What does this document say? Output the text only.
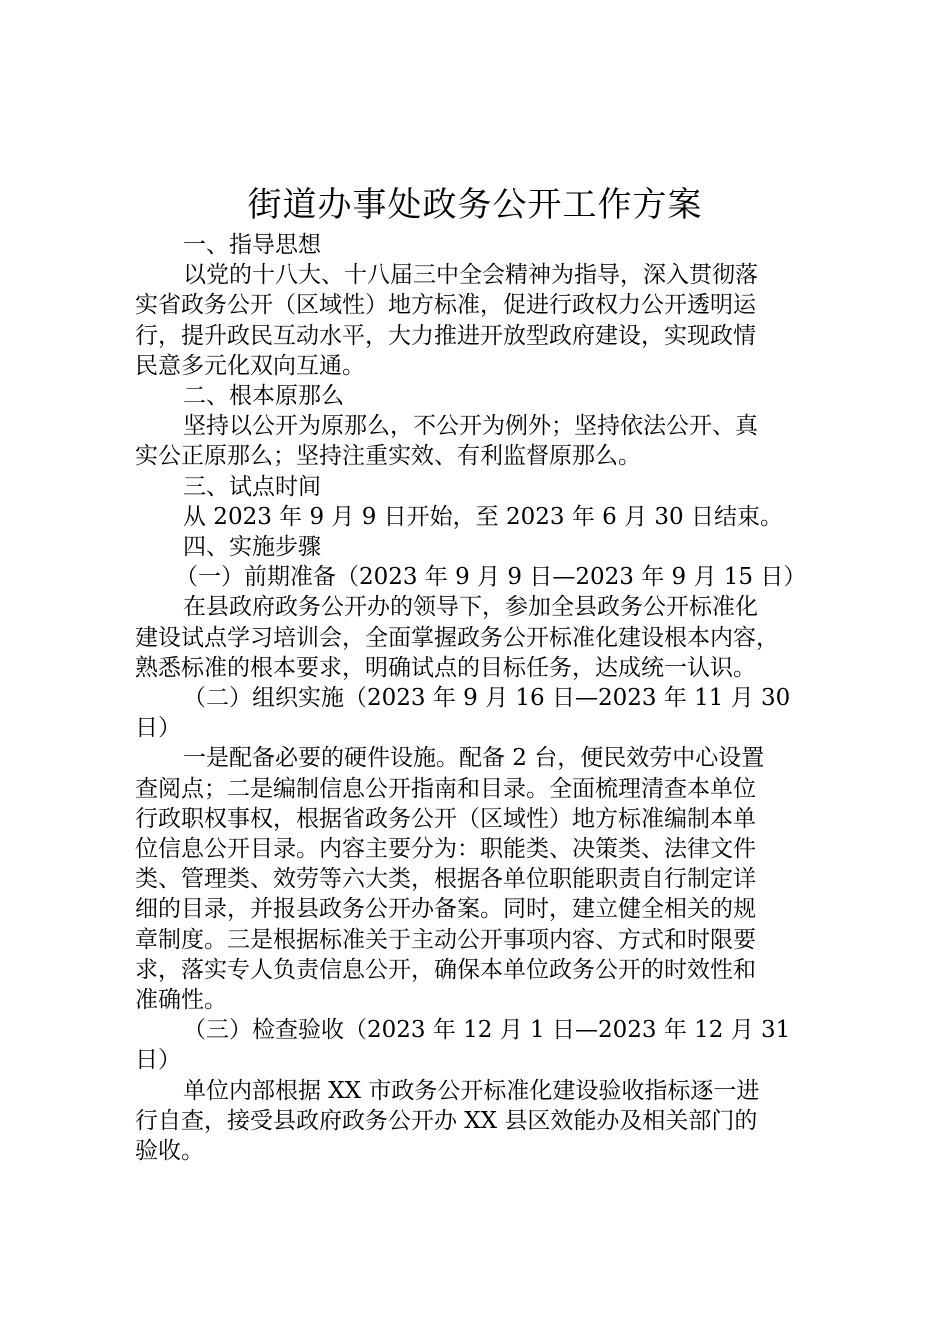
街道办事处政务公开工作方案
一、指导思想
以党的十八大、十八届三中全会精神为指导，深入贯彻落
实省政务公开（区域性）地方标准，促进行政权力公开透明运
行，提升政民互动水平，大力推进开放型政府建设，实现政情
民意多元化双向互通。
二、根本原那么
坚持以公开为原那么，不公开为例外；坚持依法公开、真
实公正原那么；坚持注重实效、有利监督原那么。
三、试点时间
从 2023 年 9 月 9 日开始，至 2023 年 6 月 30 日结束。
四、实施步骤
（一）前期准备（2023 年 9 月 9 日—2023 年 9 月 15 日）
在县政府政务公开办的领导下，参加全县政务公开标准化
建设试点学习培训会，全面掌握政务公开标准化建设根本内容，
熟悉标准的根本要求，明确试点的目标任务，达成统一认识。
（二）组织实施（2023 年 9 月 16 日—2023 年 11 月 30
日）
一是配备必要的硬件设施。配备 2 台，便民效劳中心设置
查阅点；二是编制信息公开指南和目录。全面梳理清查本单位
行政职权事权，根据省政务公开（区域性）地方标准编制本单
位信息公开目录。内容主要分为：职能类、决策类、法律文件
类、管理类、效劳等六大类，根据各单位职能职责自行制定详
细的目录，并报县政务公开办备案。同时，建立健全相关的规
章制度。三是根据标准关于主动公开事项内容、方式和时限要
求，落实专人负责信息公开，确保本单位政务公开的时效性和
准确性。
（三）检查验收（2023 年 12 月 1 日—2023 年 12 月 31
日）
单位内部根据 XX 市政务公开标准化建设验收指标逐一进
行自查，接受县政府政务公开办 XX 县区效能办及相关部门的
验收。
